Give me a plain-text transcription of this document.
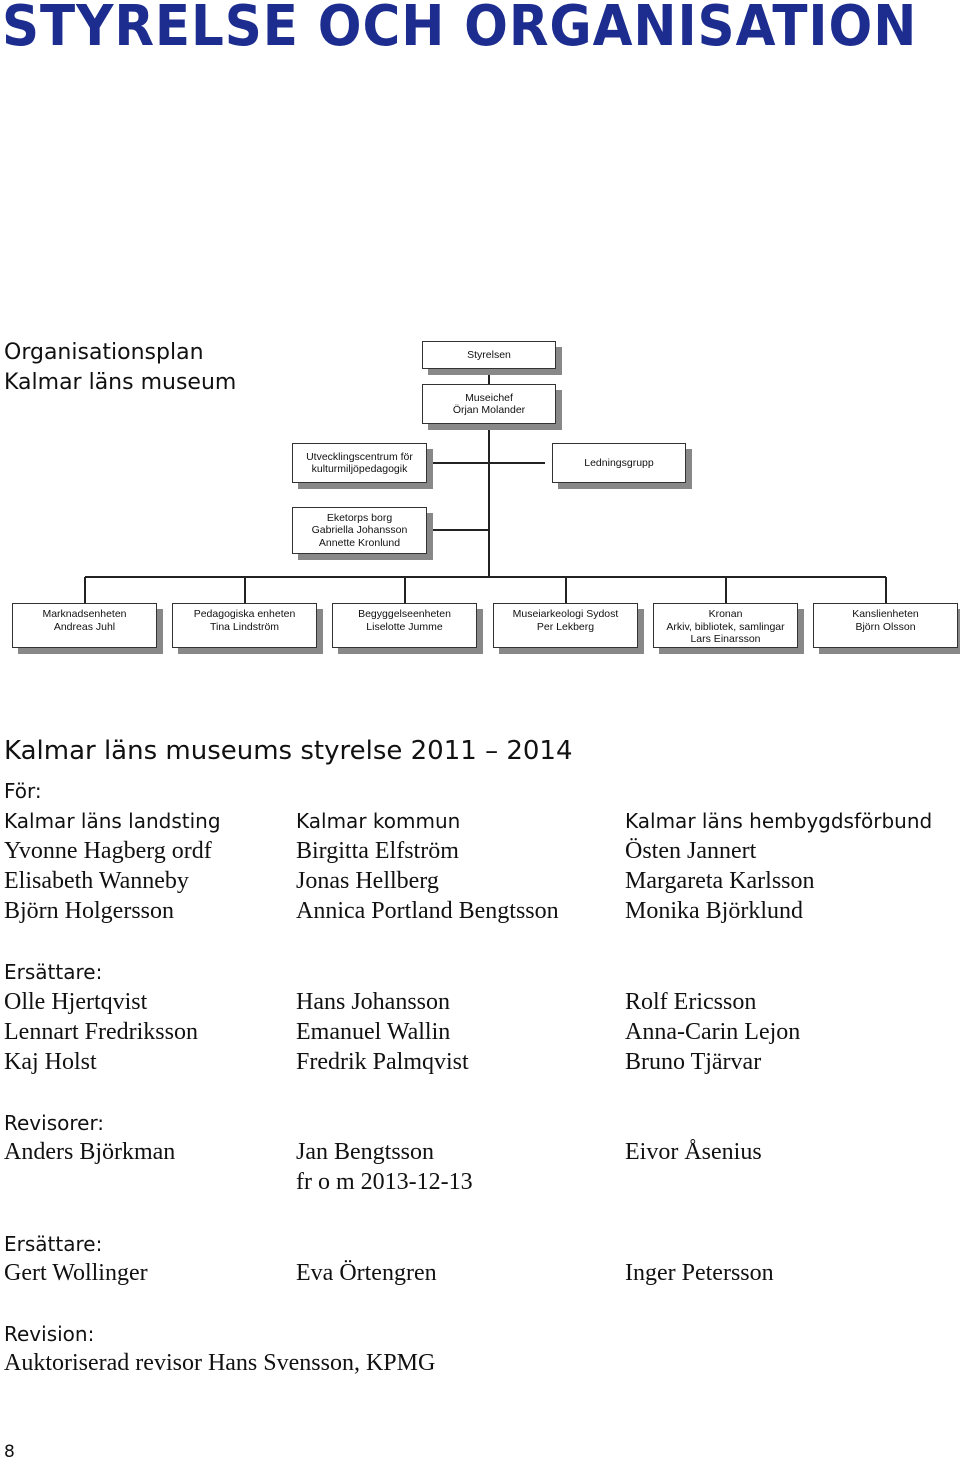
STYRELSE OCH ORGANISATION
Organisationsplan
Kalmar läns museum
Styrelsen
Museichef
Örjan Molander
Utvecklingscentrum för
kulturmiljöpedagogik
Ledningsgrupp
Eketorps borg
Gabriella Johansson
Annette Kronlund
Marknadsenheten
Andreas Juhl
Pedagogiska enheten
Tina Lindström
Begyggelseenheten
Liselotte Jumme
Museiarkeologi Sydost
Per Lekberg
Kronan
Arkiv, bibliotek, samlingar
Lars Einarsson
Kanslienheten
Björn Olsson
Kalmar läns museums styrelse 2011 – 2014
För:
Kalmar läns landsting	Kalmar kommun	Kalmar läns hembygdsförbund
Yvonne Hagberg ordf	Birgitta Elfström	Östen Jannert
Elisabeth Wanneby	Jonas Hellberg	Margareta Karlsson
Björn Holgersson	Annica Portland Bengtsson	Monika Björklund
Ersättare:
Olle Hjertqvist	Hans Johansson	Rolf Ericsson
Lennart Fredriksson	Emanuel Wallin	Anna-Carin Lejon
Kaj Holst	Fredrik Palmqvist	Bruno Tjärvar
Revisorer:
Anders Björkman	Jan Bengtsson	Eivor Åsenius
fr o m 2013-12-13
Ersättare:
Gert Wollinger	Eva Örtengren	Inger Petersson
Revision:
Auktoriserad revisor Hans Svensson, KPMG
8
